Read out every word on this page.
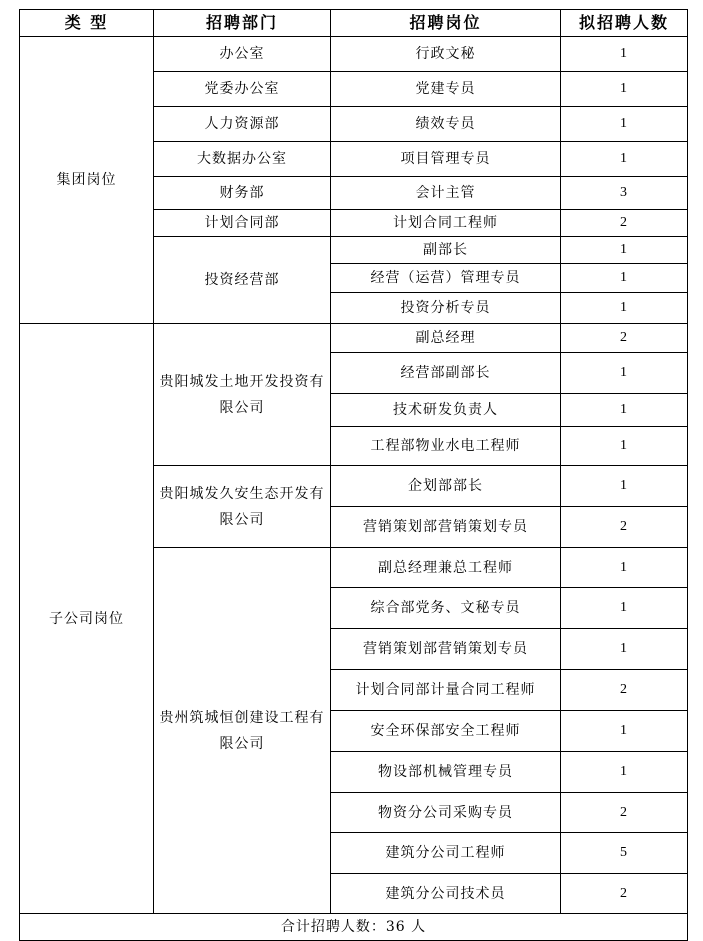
类 型	招聘部门	招聘岗位	拟招聘人数
集团岗位	办公室	行政文秘	1
	党委办公室	党建专员	1
	人力资源部	绩效专员	1
	大数据办公室	项目管理专员	1
	财务部	会计主管	3
	计划合同部	计划合同工程师	2
	投资经营部	副部长	1
		经营（运营）管理专员	1
		投资分析专员	1
子公司岗位	贵阳城发土地开发投资有限公司	副总经理	2
		经营部副部长	1
		技术研发负责人	1
		工程部物业水电工程师	1
	贵阳城发久安生态开发有限公司	企划部部长	1
		营销策划部营销策划专员	2
	贵州筑城恒创建设工程有限公司	副总经理兼总工程师	1
		综合部党务、文秘专员	1
		营销策划部营销策划专员	1
		计划合同部计量合同工程师	2
		安全环保部安全工程师	1
		物设部机械管理专员	1
		物资分公司采购专员	2
		建筑分公司工程师	5
		建筑分公司技术员	2
合计招聘人数：36 人			
